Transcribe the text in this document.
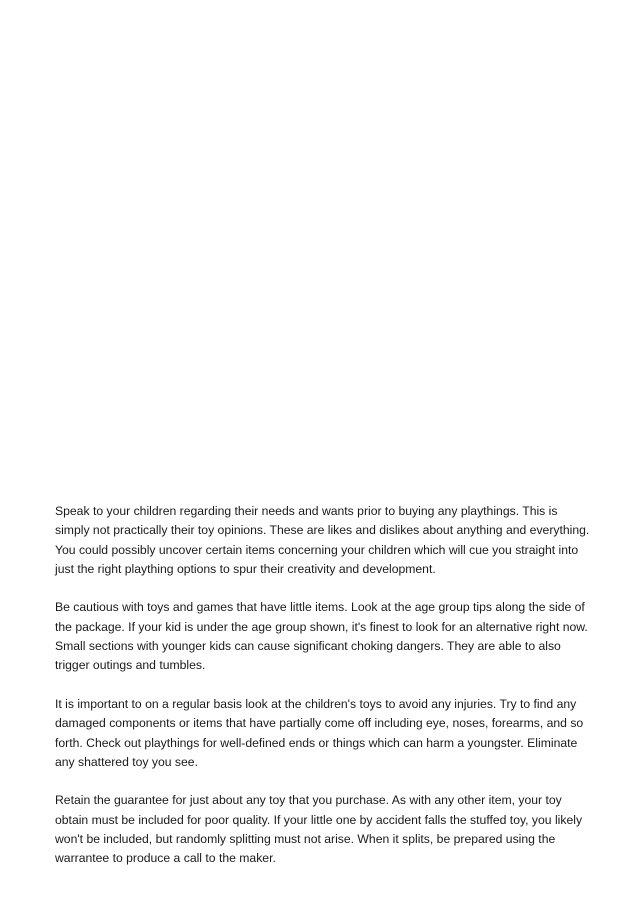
Speak to your children regarding their needs and wants prior to buying any playthings. This is simply not practically their toy opinions. These are likes and dislikes about anything and everything. You could possibly uncover certain items concerning your children which will cue you straight into just the right plaything options to spur their creativity and development.

Be cautious with toys and games that have little items. Look at the age group tips along the side of the package. If your kid is under the age group shown, it's finest to look for an alternative right now. Small sections with younger kids can cause significant choking dangers. They are able to also trigger outings and tumbles.

It is important to on a regular basis look at the children's toys to avoid any injuries. Try to find any damaged components or items that have partially come off including eye, noses, forearms, and so forth. Check out playthings for well-defined ends or things which can harm a youngster. Eliminate any shattered toy you see.

Retain the guarantee for just about any toy that you purchase. As with any other item, your toy obtain must be included for poor quality. If your little one by accident falls the stuffed toy, you likely won't be included, but randomly splitting must not arise. When it splits, be prepared using the warrantee to produce a call to the maker.
